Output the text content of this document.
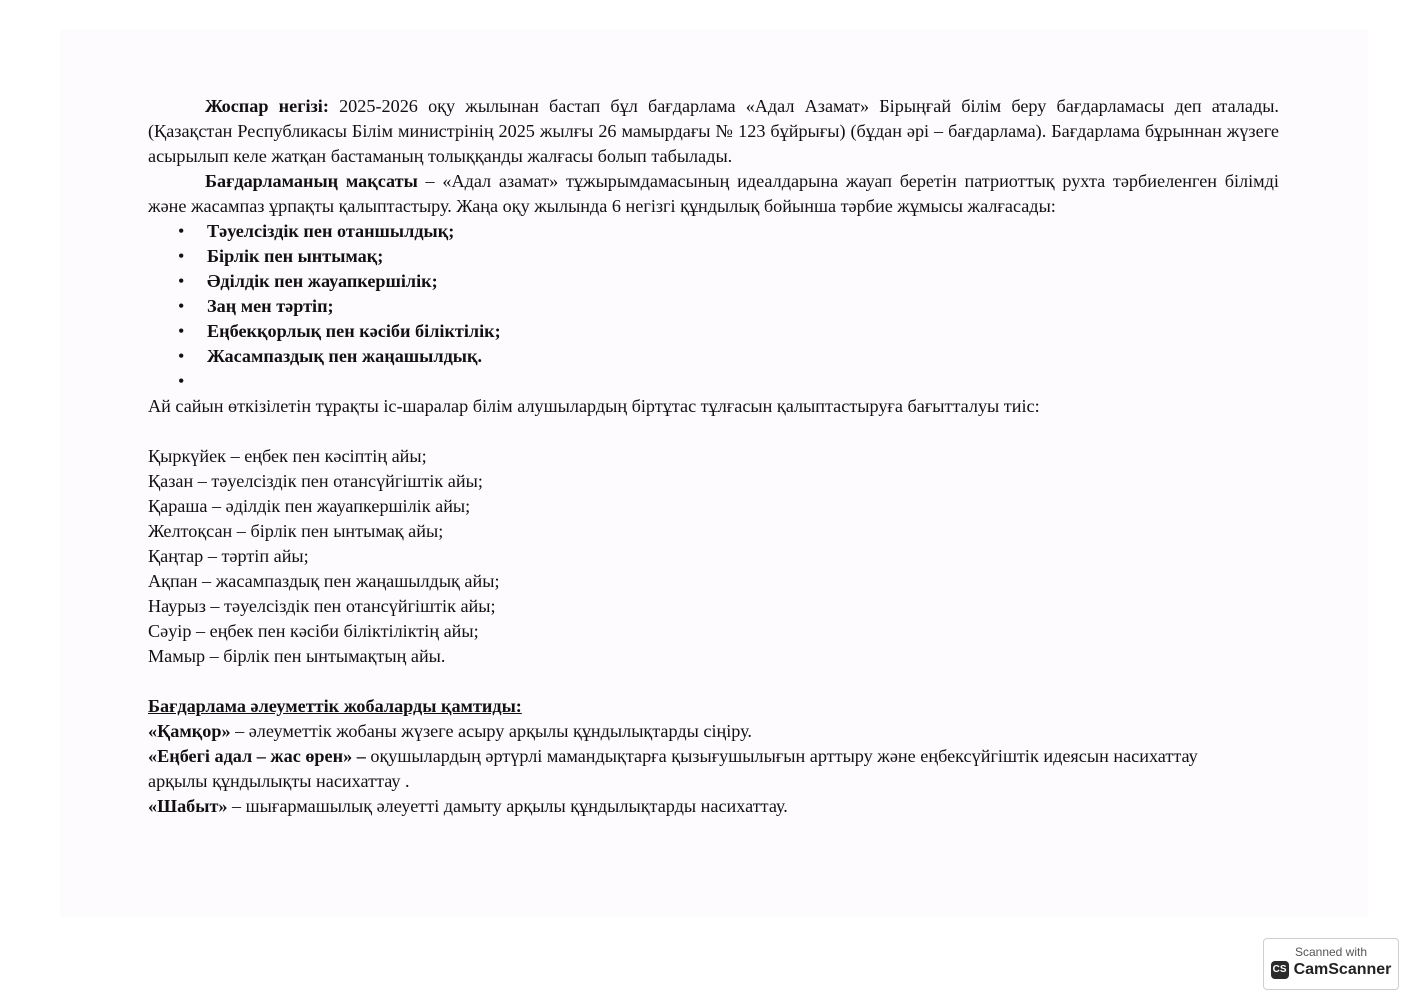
Жоспар негізі: 2025-2026 оқу жылынан бастап бұл бағдарлама «Адал Азамат» Бірыңғай білім беру бағдарламасы деп аталады. (Қазақстан Республикасы Білім министрінің 2025 жылғы 26 мамырдағы № 123 бұйрығы) (бұдан әрі – бағдарлама). Бағдарлама бұрыннан жүзеге асырылып келе жатқан бастаманың толыққанды жалғасы болып табылады.

Бағдарламаның мақсаты – «Адал азамат» тұжырымдамасының идеалдарына жауап беретін патриоттық рухта тәрбиеленген білімді және жасампаз ұрпақты қалыптастыру. Жаңа оқу жылында 6 негізгі құндылық бойынша тәрбие жұмысы жалғасады:

• Тәуелсіздік пен отаншылдық;
• Бірлік пен ынтымақ;
• Әділдік пен жауапкершілік;
• Заң мен тәртіп;
• Еңбекқорлық пен кәсіби біліктілік;
• Жасампаздық пен жаңашылдық.
•

Ай сайын өткізілетін тұрақты іс-шаралар білім алушылардың біртұтас тұлғасын қалыптастыруға бағытталуы тиіс:

Қыркүйек – еңбек пен кәсіптің айы;
Қазан – тәуелсіздік пен отансүйгіштік айы;
Қараша – әділдік пен жауапкершілік айы;
Желтоқсан – бірлік пен ынтымақ айы;
Қаңтар – тәртіп айы;
Ақпан – жасампаздық пен жаңашылдық айы;
Наурыз – тәуелсіздік пен отансүйгіштік айы;
Сәуір – еңбек пен кәсіби біліктіліктің айы;
Мамыр – бірлік пен ынтымақтың айы.

Бағдарлама әлеуметтік жобаларды қамтиды:

«Қамқор» – әлеуметтік жобаны жүзеге асыру арқылы құндылықтарды сіңіру.

«Еңбегі адал – жас өрен» – оқушылардың әртүрлі мамандықтарға қызығушылығын арттыру және еңбексүйгіштік идеясын насихаттау арқылы құндылықты насихаттау .

«Шабыт» – шығармашылық әлеуетті дамыту арқылы құндылықтарды насихаттау.

Scanned with
CS CamScanner
